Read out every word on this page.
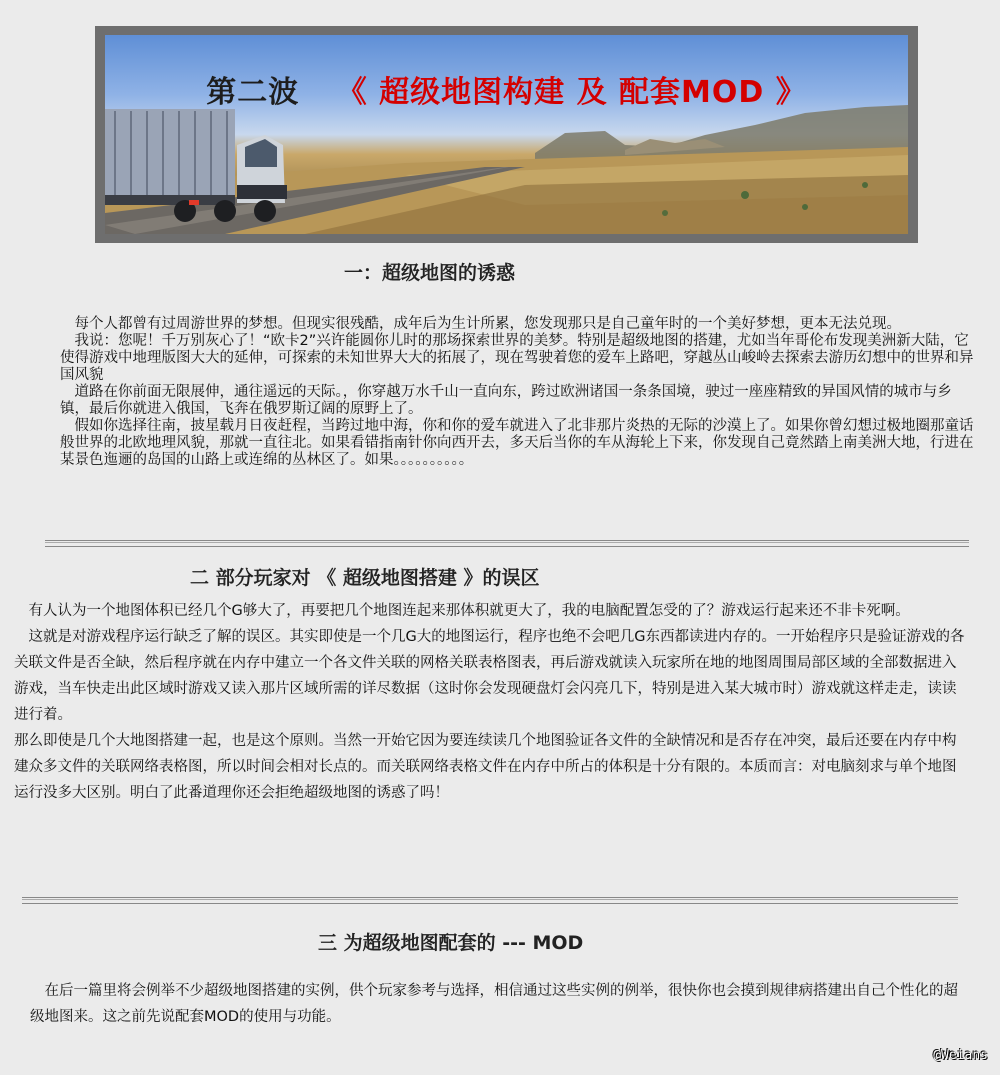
第二波 《 超级地图构建 及 配套MOD 》
一：超级地图的诱惑

　每个人都曾有过周游世界的梦想。但现实很残酷，成年后为生计所累，您发现那只是自己童年时的一个美好梦想，更本无法兑现。

　我说：您呢！千万别灰心了！“欧卡2”兴许能圆你儿时的那场探索世界的美梦。特别是超级地图的搭建，尤如当年哥伦布发现美洲新大陆，它使得游戏中地理版图大大的延伸，可探索的未知世界大大的拓展了，现在驾驶着您的爱车上路吧，穿越丛山峻岭去探索去游历幻想中的世界和异国风貌

　道路在你前面无限展伸，通往遥远的天际。，你穿越万水千山一直向东，跨过欧洲诸国一条条国境，驶过一座座精致的异国风情的城市与乡镇，最后你就进入俄国，飞奔在俄罗斯辽阔的原野上了。

　假如你选择往南，披星载月日夜赶程，当跨过地中海，你和你的爱车就进入了北非那片炎热的无际的沙漠上了。如果你曾幻想过极地圈那童话般世界的北欧地理风貌，那就一直往北。如果看错指南针你向西开去，多天后当你的车从海轮上下来，你发现自己竟然踏上南美洲大地，行进在某景色迤逦的岛国的山路上或连绵的丛林区了。如果。。。。。。。。。。

二 部分玩家对 《 超级地图搭建 》的误区

　有人认为一个地图体积已经几个G够大了，再要把几个地图连起来那体积就更大了，我的电脑配置怎受的了？游戏运行起来还不非卡死啊。

　这就是对游戏程序运行缺乏了解的误区。其实即使是一个几G大的地图运行，程序也绝不会吧几G东西都读进内存的。一开始程序只是验证游戏的各关联文件是否全缺，然后程序就在内存中建立一个各文件关联的网格关联表格图表，再后游戏就读入玩家所在地的地图周围局部区域的全部数据进入游戏，当车快走出此区域时游戏又读入那片区域所需的详尽数据（这时你会发现硬盘灯会闪亮几下，特别是进入某大城市时）游戏就这样走走，读读进行着。

那么即使是几个大地图搭建一起，也是这个原则。当然一开始它因为要连续读几个地图验证各文件的全缺情况和是否存在冲突，最后还要在内存中构建众多文件的关联网络表格图，所以时间会相对长点的。而关联网络表格文件在内存中所占的体积是十分有限的。本质而言：对电脑刻求与单个地图运行没多大区别。明白了此番道理你还会拒绝超级地图的诱惑了吗！

三 为超级地图配套的 --- MOD

　在后一篇里将会例举不少超级地图搭建的实例，供个玩家参考与选择，相信通过这些实例的例举，很快你也会摸到规律病搭建出自己个性化的超级地图来。这之前先说配套MOD的使用与功能。

@Weians
